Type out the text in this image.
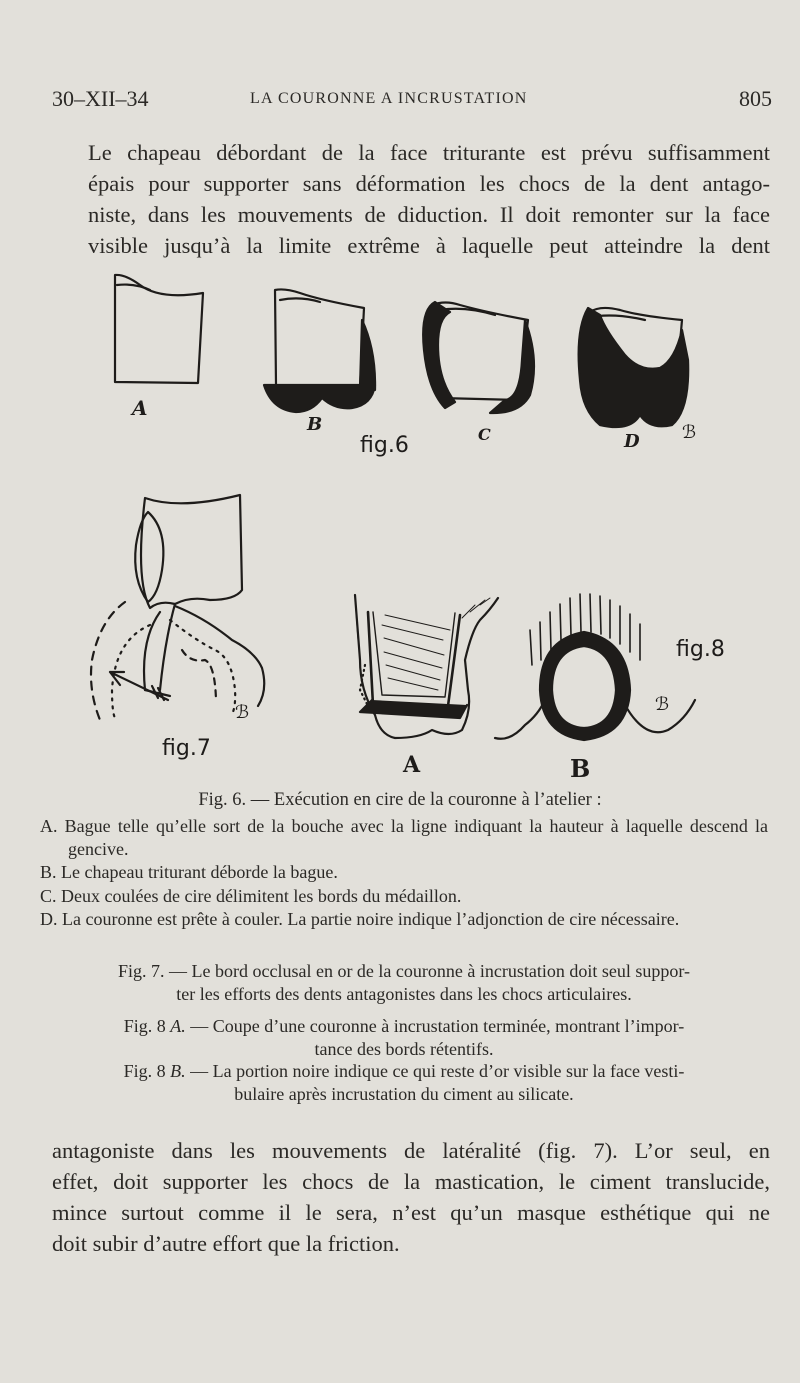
30–XII–34	LA COURONNE A INCRUSTATION	805
Le chapeau débordant de la face triturante est prévu suffisamment
épais pour supporter sans déformation les chocs de la dent antago-
niste, dans les mouvements de diduction. Il doit remonter sur la face
visible jusqu’à la limite extrême à laquelle peut atteindre la dent
A
B	C	D
A	B
fig.6
fig.7
fig.8
ℬ
ℬ	ℬ
Fig. 6. — Exécution en cire de la couronne à l’atelier :
A. Bague telle qu’elle sort de la bouche avec la ligne indiquant la hauteur à laquelle descend la gencive.
B. Le chapeau triturant déborde la bague.
C. Deux coulées de cire délimitent les bords du médaillon.
D. La couronne est prête à couler. La partie noire indique l’adjonction de cire nécessaire.
Fig. 7. — Le bord occlusal en or de la couronne à incrustation doit seul suppor-
ter les efforts des dents antagonistes dans les chocs articulaires.
Fig. 8 A. — Coupe d’une couronne à incrustation terminée, montrant l’impor-
tance des bords rétentifs.
Fig. 8 B. — La portion noire indique ce qui reste d’or visible sur la face vesti-
bulaire après incrustation du ciment au silicate.
antagoniste dans les mouvements de latéralité (fig. 7). L’or seul, en
effet, doit supporter les chocs de la mastication, le ciment translucide,
mince surtout comme il le sera, n’est qu’un masque esthétique qui ne
doit subir d’autre effort que la friction.
